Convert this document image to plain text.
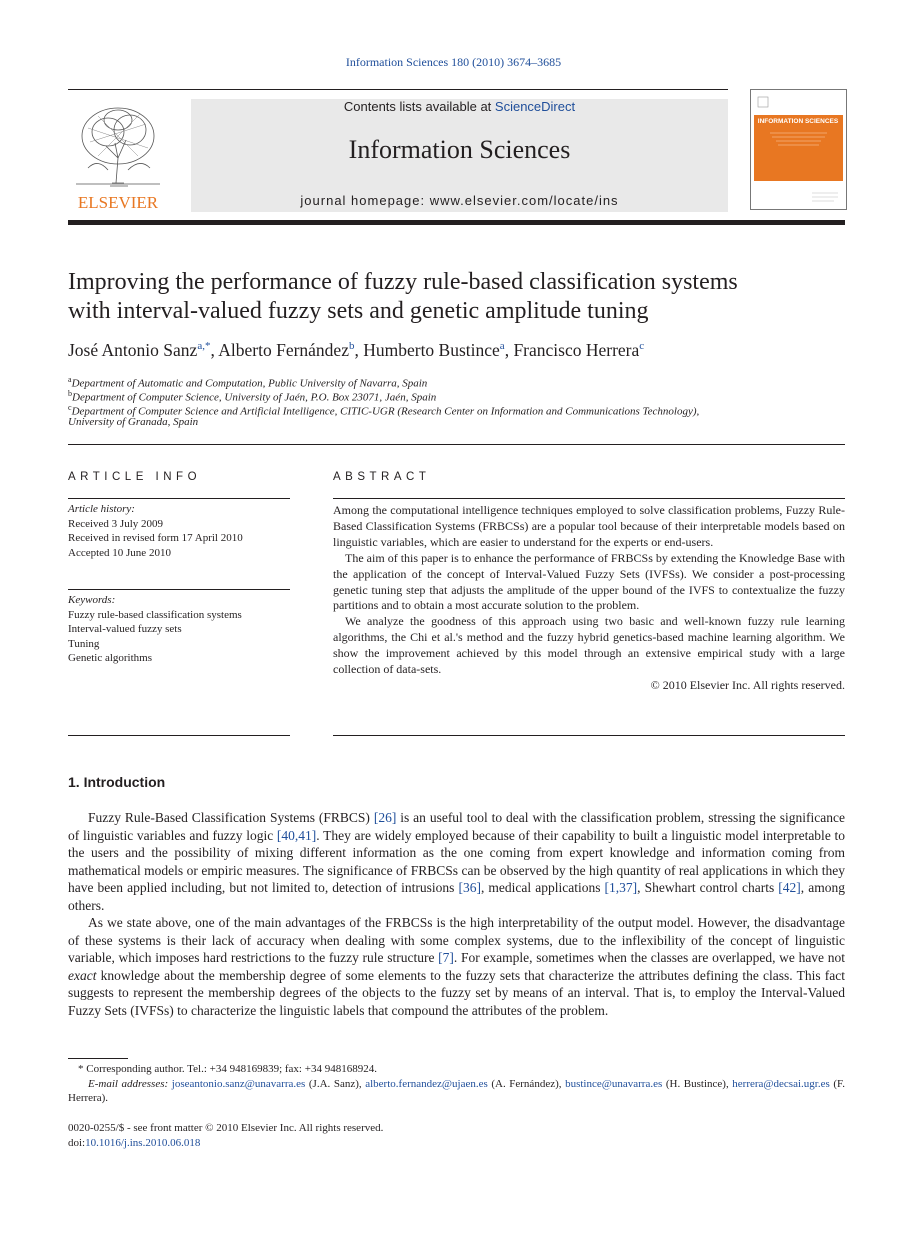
Information Sciences 180 (2010) 3674–3685
ELSEVIER
Contents lists available at ScienceDirect
Information Sciences
journal homepage: www.elsevier.com/locate/ins
INFORMATION SCIENCES
Improving the performance of fuzzy rule-based classification systems
with interval-valued fuzzy sets and genetic amplitude tuning
José Antonio Sanz$^{a,*}$, Alberto Fernández$^b$, Humberto Bustince$^a$, Francisco Herrera$^c$
$^a$Department of Automatic and Computation, Public University of Navarra, Spain
$^b$Department of Computer Science, University of Jaén, P.O. Box 23071, Jaén, Spain
$^c$Department of Computer Science and Artificial Intelligence, CITIC-UGR (Research Center on Information and Communications Technology),
University of Granada, Spain
ARTICLE INFO
Article history:
Received 3 July 2009
Received in revised form 17 April 2010
Accepted 10 June 2010
Keywords:
Fuzzy rule-based classification systems
Interval-valued fuzzy sets
Tuning
Genetic algorithms
ABSTRACT

Among the computational intelligence techniques employed to solve classification problems, Fuzzy Rule-Based Classification Systems (FRBCSs) are a popular tool because of their interpretable models based on linguistic variables, which are easier to understand for the experts or end-users.

The aim of this paper is to enhance the performance of FRBCSs by extending the Knowledge Base with the application of the concept of Interval-Valued Fuzzy Sets (IVFSs). We consider a post-processing genetic tuning step that adjusts the amplitude of the upper bound of the IVFS to contextualize the fuzzy partitions and to obtain a most accurate solution to the problem.

We analyze the goodness of this approach using two basic and well-known fuzzy rule learning algorithms, the Chi et al.'s method and the fuzzy hybrid genetics-based machine learning algorithm. We show the improvement achieved by this model through an extensive empirical study with a large collection of data-sets.

© 2010 Elsevier Inc. All rights reserved.
1. Introduction

Fuzzy Rule-Based Classification Systems (FRBCS) [26] is an useful tool to deal with the classification problem, stressing the significance of linguistic variables and fuzzy logic [40,41]. They are widely employed because of their capability to built a linguistic model interpretable to the users and the possibility of mixing different information as the one coming from expert knowledge and information coming from mathematical models or empiric measures. The significance of FRBCSs can be observed by the high quantity of real applications in which they have been applied including, but not limited to, detection of intrusions [36], medical applications [1,37], Shewhart control charts [42], among others.

As we state above, one of the main advantages of the FRBCSs is the high interpretability of the output model. However, the disadvantage of these systems is their lack of accuracy when dealing with some complex systems, due to the inflexibility of the concept of linguistic variable, which imposes hard restrictions to the fuzzy rule structure [7]. For example, sometimes when the classes are overlapped, we have not exact knowledge about the membership degree of some elements to the fuzzy sets that characterize the attributes defining the class. This fact suggests to represent the membership degrees of the objects to the fuzzy set by means of an interval. That is, to employ the Interval-Valued Fuzzy Sets (IVFSs) to characterize the linguistic labels that compound the attributes of the problem.

* Corresponding author. Tel.: +34 948169839; fax: +34 948168924.

E-mail addresses: joseantonio.sanz@unavarra.es (J.A. Sanz), alberto.fernandez@ujaen.es (A. Fernández), bustince@unavarra.es (H. Bustince), herrera@decsai.ugr.es (F. Herrera).

0020-0255/$ - see front matter © 2010 Elsevier Inc. All rights reserved.
doi:10.1016/j.ins.2010.06.018
